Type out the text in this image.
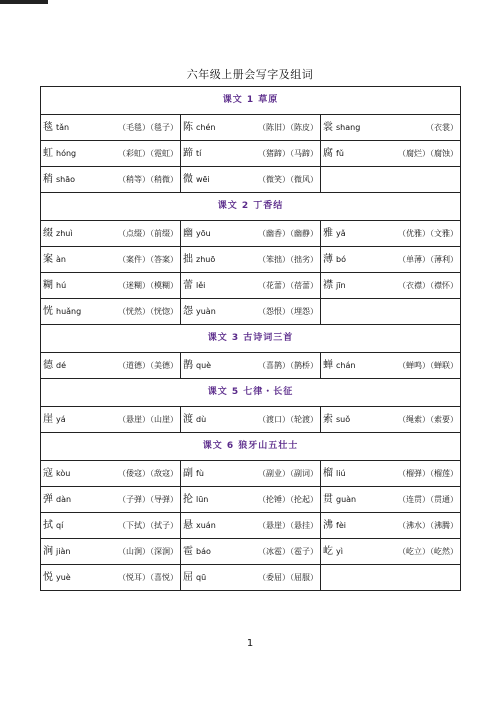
六年级上册会写字及组词
课文 1 草原		

毯 tǎn （毛毯）（毯子）	陈 chén （陈旧）（陈皮）	裳 shang （衣裳）

虹 hóng （彩虹）（霓虹）	蹄 tí （猪蹄）（马蹄）	腐 fǔ （腐烂）（腐蚀）

稍 shāo （稍等）（稍微）	微 wēi （微笑）（微风）	

课文 2 丁香结		

缀 zhuì （点缀）（前缀）	幽 yōu （幽香）（幽静）	雅 yǎ （优雅）（文雅）

案 àn （案件）（答案）	拙 zhuō （笨拙）（拙劣）	薄 bó （单薄）（薄利）

糊 hú （迷糊）（模糊）	蕾 lěi （花蕾）（蓓蕾）	襟 jīn （衣襟）（襟怀）

恍 huǎng （恍然）（恍惚）	怨 yuàn （怨恨）（埋怨）	

课文 3 古诗词三首		

德 dé （道德）（美德）	鹊 què （喜鹊）（鹊桥）	蝉 chán （蝉鸣）（蝉联）

课文 5 七律・长征		

崖 yá （悬崖）（山崖）	渡 dù （渡口）（轮渡）	索 suǒ （绳索）（索要）

课文 6 狼牙山五壮士		

寇 kòu （倭寇）（敌寇）	副 fù （副业）（副词）	榴 liú （榴弹）（榴莲）

弹 dàn （子弹）（导弹）	抡 lūn （抡锤）（抡起）	贯 guàn （连贯）（贯通）

拭 qí （下拭）（拭子）	悬 xuán （悬崖）（悬挂）	沸 fèi （沸水）（沸腾）

涧 jiàn （山涧）（深涧）	雹 báo （冰雹）（雹子）	屹 yì （屹立）（屹然）

悦 yuè （悦耳）（喜悦）	屈 qū （委屈）（屈服）	

1
